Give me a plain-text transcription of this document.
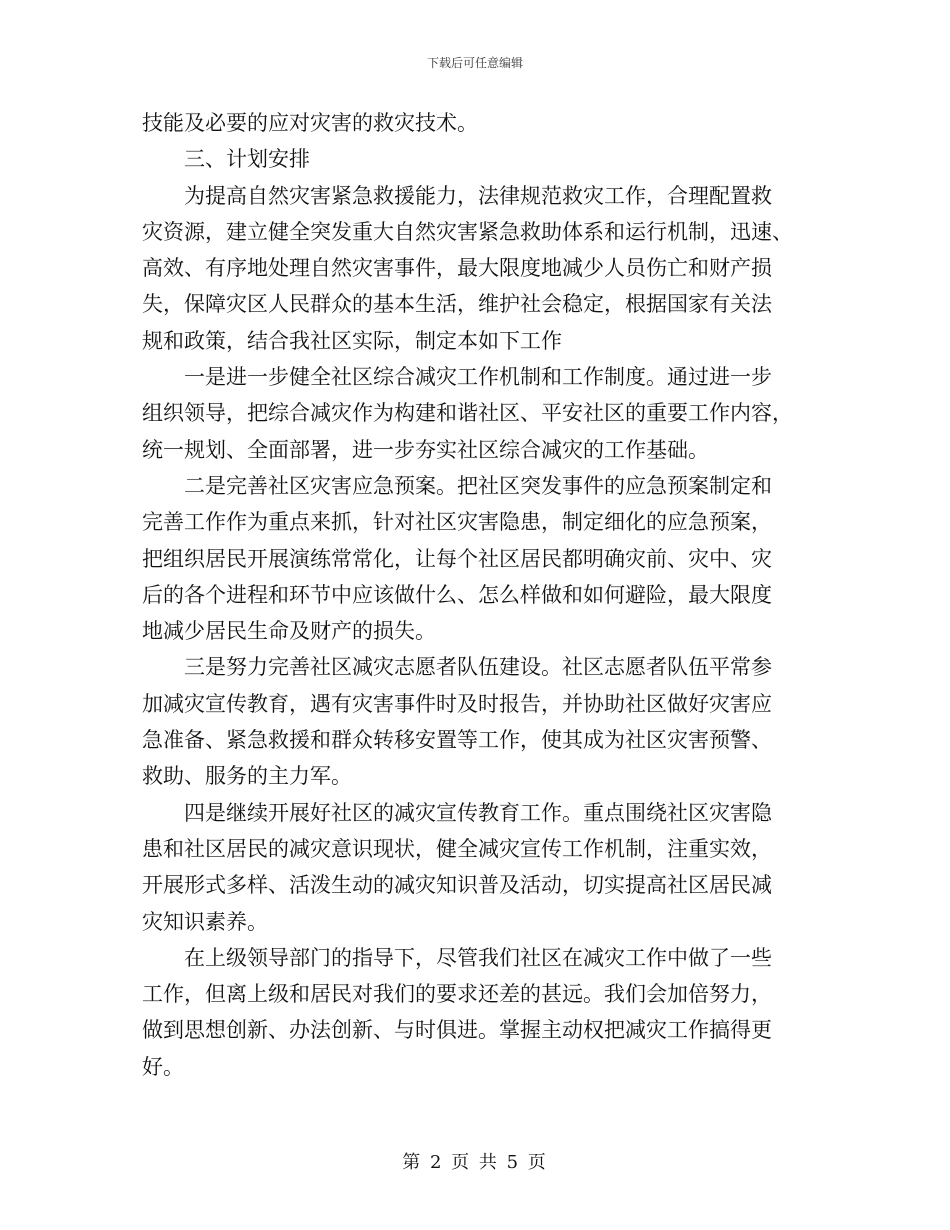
下载后可任意编辑
技能及必要的应对灾害的救灾技术。
三、计划安排
为提高自然灾害紧急救援能力，法律规范救灾工作，合理配置救
灾资源，建立健全突发重大自然灾害紧急救助体系和运行机制，迅速、
高效、有序地处理自然灾害事件，最大限度地减少人员伤亡和财产损
失，保障灾区人民群众的基本生活，维护社会稳定，根据国家有关法
规和政策，结合我社区实际，制定本如下工作
一是进一步健全社区综合减灾工作机制和工作制度。通过进一步
组织领导，把综合减灾作为构建和谐社区、平安社区的重要工作内容，
统一规划、全面部署，进一步夯实社区综合减灾的工作基础。
二是完善社区灾害应急预案。把社区突发事件的应急预案制定和
完善工作作为重点来抓，针对社区灾害隐患，制定细化的应急预案，
把组织居民开展演练常常化，让每个社区居民都明确灾前、灾中、灾
后的各个进程和环节中应该做什么、怎么样做和如何避险，最大限度
地减少居民生命及财产的损失。
三是努力完善社区减灾志愿者队伍建设。社区志愿者队伍平常参
加减灾宣传教育，遇有灾害事件时及时报告，并协助社区做好灾害应
急准备、紧急救援和群众转移安置等工作，使其成为社区灾害预警、
救助、服务的主力军。
四是继续开展好社区的减灾宣传教育工作。重点围绕社区灾害隐
患和社区居民的减灾意识现状，健全减灾宣传工作机制，注重实效，
开展形式多样、活泼生动的减灾知识普及活动，切实提高社区居民减
灾知识素养。
在上级领导部门的指导下，尽管我们社区在减灾工作中做了一些
工作，但离上级和居民对我们的要求还差的甚远。我们会加倍努力，
做到思想创新、办法创新、与时俱进。掌握主动权把减灾工作搞得更
好。
第 2 页 共 5 页
